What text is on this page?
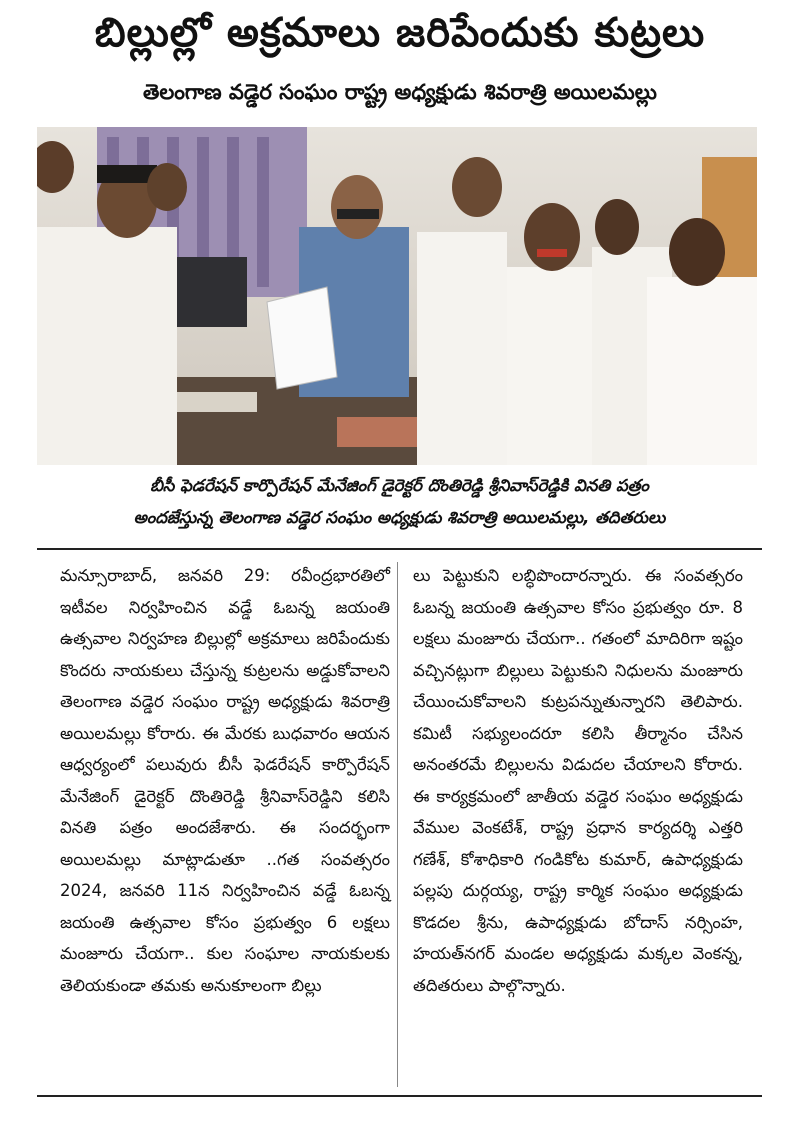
బిల్లుల్లో అక్రమాలు జరిపేందుకు కుట్రలు
తెలంగాణ వడ్డెర సంఘం రాష్ట్ర అధ్యక్షుడు శివరాత్రి అయిలమల్లు
బీసీ ఫెడరేషన్ కార్పొరేషన్ మేనేజింగ్ డైరెక్టర్ దొంతిరెడ్డి శ్రీనివాస్‌రెడ్డికి వినతి పత్రం
అందజేస్తున్న తెలంగాణ వడ్డెర సంఘం అధ్యక్షుడు శివరాత్రి అయిలమల్లు, తదితరులు

మన్సూరాబాద్, జనవరి 29: రవీంద్రభారతిలో ఇటీవల నిర్వహించిన వడ్డే ఓబన్న జయంతి ఉత్సవాల నిర్వహణ బిల్లుల్లో అక్రమాలు జరిపేందుకు కొందరు నాయకులు చేస్తున్న కుట్రలను అడ్డుకోవాలని తెలంగాణ వడ్డెర సంఘం రాష్ట్ర అధ్యక్షుడు శివరాత్రి అయిలమల్లు కోరారు. ఈ మేరకు బుధవారం ఆయన ఆధ్వర్యంలో పలువురు బీసీ ఫెడరేషన్ కార్పొరేషన్ మేనేజింగ్ డైరెక్టర్ దొంతిరెడ్డి శ్రీనివాస్‌రెడ్డిని కలిసి వినతి పత్రం అందజేశారు. ఈ సందర్భంగా అయిలమల్లు మాట్లాడుతూ ..గత సంవత్సరం 2024, జనవరి 11న నిర్వహించిన వడ్డే ఓబన్న జయంతి ఉత్సవాల కోసం ప్రభుత్వం 6 లక్షలు మంజూరు చేయగా.. కుల సంఘాల నాయకులకు తెలియకుండా తమకు అనుకూలంగా బిల్లు

లు పెట్టుకుని లబ్ధిపొందారన్నారు. ఈ సంవత్సరం ఓబన్న జయంతి ఉత్సవాల కోసం ప్రభుత్వం రూ. 8 లక్షలు మంజూరు చేయగా.. గతంలో మాదిరిగా ఇష్టం వచ్చినట్లుగా బిల్లులు పెట్టుకుని నిధులను మంజూరు చేయించుకోవాలని కుట్రపన్నుతున్నారని తెలిపారు. కమిటీ సభ్యులందరూ కలిసి తీర్మానం చేసిన అనంతరమే బిల్లులను విడుదల చేయాలని కోరారు. ఈ కార్యక్రమంలో జాతీయ వడ్డెర సంఘం అధ్యక్షుడు వేముల వెంకటేశ్, రాష్ట్ర ప్రధాన కార్యదర్శి ఎత్తరి గణేశ్, కోశాధికారి గండికోట కుమార్, ఉపాధ్యక్షుడు పల్లపు దుర్గయ్య, రాష్ట్ర కార్మిక సంఘం అధ్యక్షుడు కొడదల శ్రీను, ఉపాధ్యక్షుడు బోదాస్ నర్సింహ, హయత్‌నగర్ మండల అధ్యక్షుడు మక్కల వెంకన్న, తదితరులు పాల్గొన్నారు.
